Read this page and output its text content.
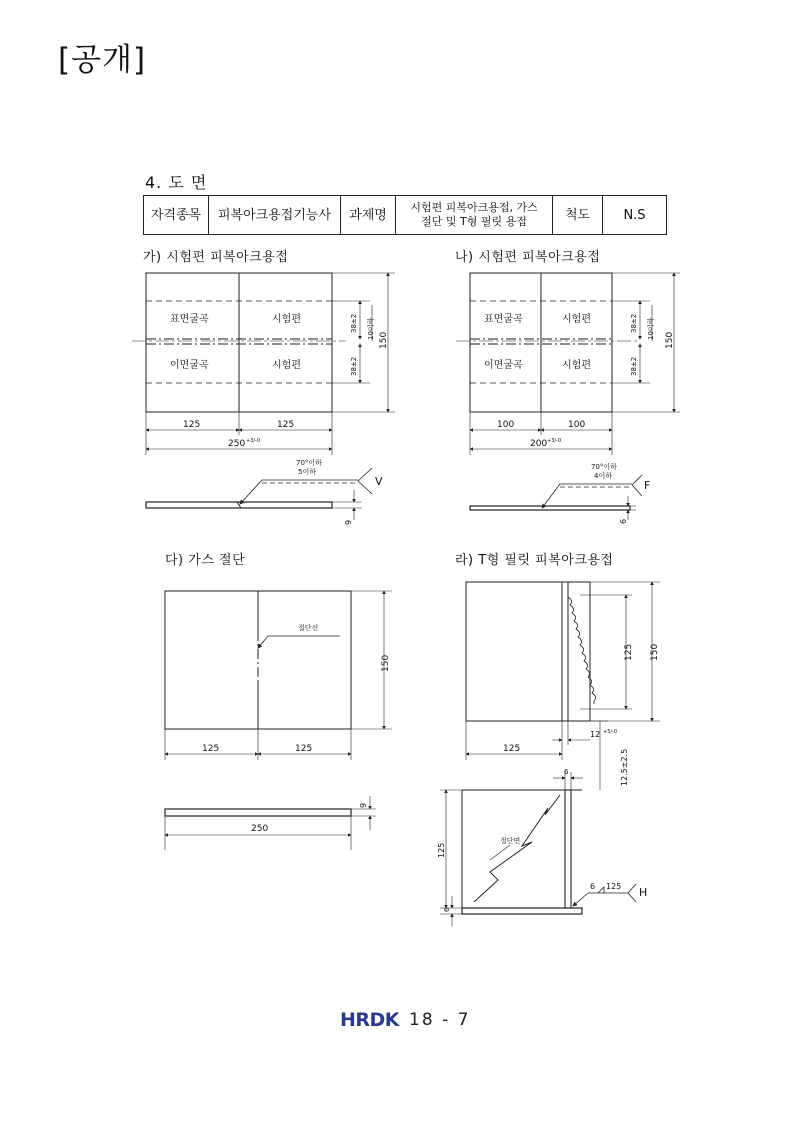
[공개]
4. 도 면
자격종목	피복아크용접기능사	과제명	시험편 피복아크용접, 가스
절단 및 T형 필릿 용접	척도	N.S
가) 시험편 피복아크용접	나) 시험편 피복아크용접
다) 가스 절단	라) T형 필릿 피복아크용접
표면굴곡
이면굴곡
시험편
시험편
38±2
38±2
10이하
150
125	125
250 +3/-0
70°이하
5이하
V
9
표면굴곡
이면굴곡
시험편
시험편
38±2
38±2
10이하
150
100	100
200 +3/-0
70°이하
4이하
F
6
절단선
150
125	125
250
9
150
125
125
12 +5/-0
12.5±2.5
6
125
절단면
6
6 125 H
HRDK 18 - 7
